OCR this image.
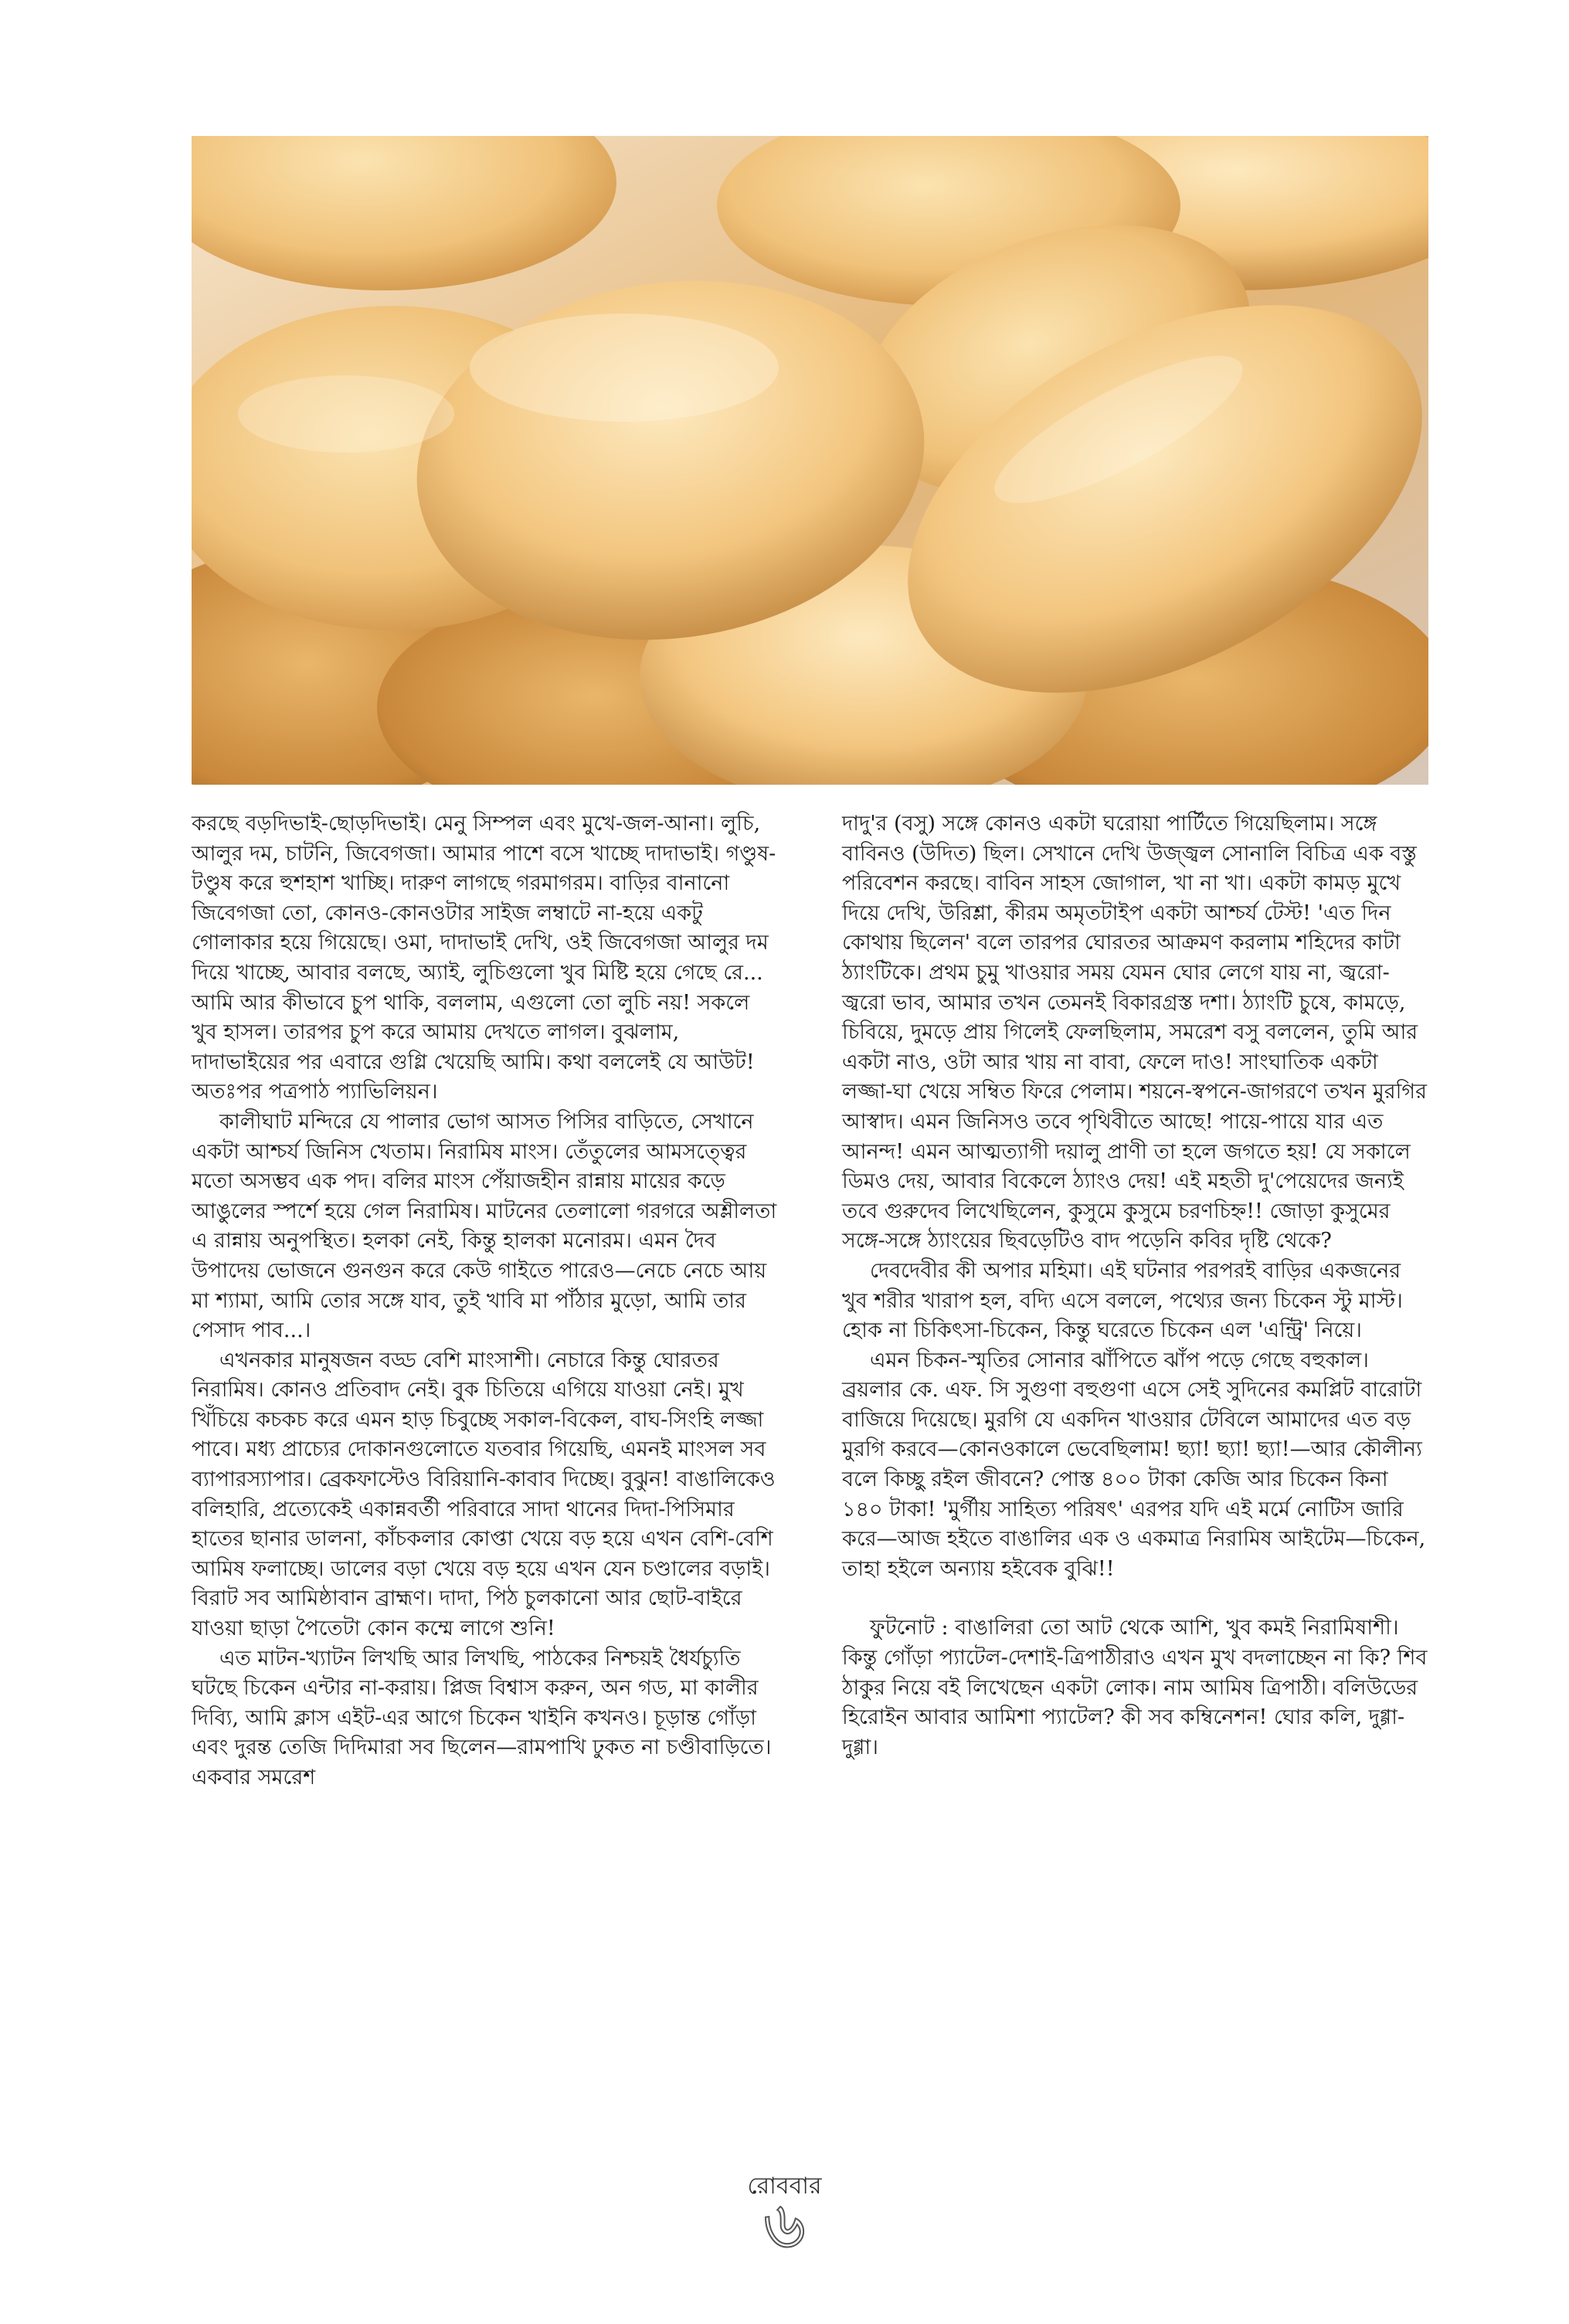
করছে বড়দিভাই-ছোড়দিভাই। মেনু সিম্পল এবং মুখে-জল-আনা। লুচি, আলুর দম, চাটনি, জিবেগজা। আমার পাশে বসে খাচ্ছে দাদাভাই। গণ্ডুষ-টণ্ডুষ করে হুশহাশ খাচ্ছি। দারুণ লাগছে গরমাগরম। বাড়ির বানানো জিবেগজা তো, কোনও-কোনওটার সাইজ লম্বাটে না-হয়ে একটু গোলাকার হয়ে গিয়েছে। ওমা, দাদাভাই দেখি, ওই জিবেগজা আলুর দম দিয়ে খাচ্ছে, আবার বলছে, অ্যাই, লুচিগুলো খুব মিষ্টি হয়ে গেছে রে... আমি আর কীভাবে চুপ থাকি, বললাম, এগুলো তো লুচি নয়! সকলে খুব হাসল। তারপর চুপ করে আমায় দেখতে লাগল। বুঝলাম, দাদাভাইয়ের পর এবারে গুগ্লি খেয়েছি আমি। কথা বললেই যে আউট! অতঃপর পত্রপাঠ প্যাভিলিয়ন।

কালীঘাট মন্দিরে যে পালার ভোগ আসত পিসির বাড়িতে, সেখানে একটা আশ্চর্য জিনিস খেতাম। নিরামিষ মাংস। তেঁতুলের আমসত্ত্বের মতো অসম্ভব এক পদ। বলির মাংস পেঁয়াজহীন রান্নায় মায়ের কড়ে আঙুলের স্পর্শে হয়ে গেল নিরামিষ। মাটনের তেলালো গরগরে অশ্লীলতা এ রান্নায় অনুপস্থিত। হলকা নেই, কিন্তু হালকা মনোরম। এমন দৈব উপাদেয় ভোজনে গুনগুন করে কেউ গাইতে পারেও—নেচে নেচে আয় মা শ্যামা, আমি তোর সঙ্গে যাব, তুই খাবি মা পাঁঠার মুড়ো, আমি তার পেসাদ পাব...।

এখনকার মানুষজন বড্ড বেশি মাংসাশী। নেচারে কিন্তু ঘোরতর নিরামিষ। কোনও প্রতিবাদ নেই। বুক চিতিয়ে এগিয়ে যাওয়া নেই। মুখ খিঁচিয়ে কচকচ করে এমন হাড় চিবুচ্ছে সকাল-বিকেল, বাঘ-সিংহি লজ্জা পাবে। মধ্য প্রাচ্যের দোকানগুলোতে যতবার গিয়েছি, এমনই মাংসল সব ব্যাপারস্যাপার। ব্রেকফাস্টেও বিরিয়ানি-কাবাব দিচ্ছে। বুঝুন! বাঙালিকেও বলিহারি, প্রত্যেকেই একান্নবর্তী পরিবারে সাদা থানের দিদা-পিসিমার হাতের ছানার ডালনা, কাঁচকলার কোপ্তা খেয়ে বড় হয়ে এখন বেশি-বেশি আমিষ ফলাচ্ছে। ডালের বড়া খেয়ে বড় হয়ে এখন যেন চণ্ডালের বড়াই। বিরাট সব আমিষ্ঠাবান ব্রাহ্মণ। দাদা, পিঠ চুলকানো আর ছোট-বাইরে যাওয়া ছাড়া পৈতেটা কোন কম্মে লাগে শুনি!

এত মাটন-খ্যাটন লিখছি আর লিখছি, পাঠকের নিশ্চয়ই ধৈর্যচ্যুতি ঘটছে চিকেন এন্টার না-করায়। প্লিজ বিশ্বাস করুন, অন গড, মা কালীর দিব্যি, আমি ক্লাস এইট-এর আগে চিকেন খাইনি কখনও। চূড়ান্ত গোঁড়া এবং দুরন্ত তেজি দিদিমারা সব ছিলেন—রামপাখি ঢুকত না চণ্ডীবাড়িতে। একবার সমরেশ

দাদু'র (বসু) সঙ্গে কোনও একটা ঘরোয়া পার্টিতে গিয়েছিলাম। সঙ্গে বাবিনও (উদিত) ছিল। সেখানে দেখি উজ্জ্বল সোনালি বিচিত্র এক বস্তু পরিবেশন করছে। বাবিন সাহস জোগাল, খা না খা। একটা কামড় মুখে দিয়ে দেখি, উরিশ্লা, কীরম অমৃতটাইপ একটা আশ্চর্য টেস্ট! 'এত দিন কোথায় ছিলেন' বলে তারপর ঘোরতর আক্রমণ করলাম শহিদের কাটা ঠ্যাংটিকে। প্রথম চুমু খাওয়ার সময় যেমন ঘোর লেগে যায় না, জ্বরো-জ্বরো ভাব, আমার তখন তেমনই বিকারগ্রস্ত দশা। ঠ্যাংটি চুষে, কামড়ে, চিবিয়ে, দুমড়ে প্রায় গিলেই ফেলছিলাম, সমরেশ বসু বললেন, তুমি আর একটা নাও, ওটা আর খায় না বাবা, ফেলে দাও! সাংঘাতিক একটা লজ্জা-ঘা খেয়ে সম্বিত ফিরে পেলাম। শয়নে-স্বপনে-জাগরণে তখন মুরগির আস্বাদ। এমন জিনিসও তবে পৃথিবীতে আছে! পায়ে-পায়ে যার এত আনন্দ! এমন আত্মত্যাগী দয়ালু প্রাণী তা হলে জগতে হয়! যে সকালে ডিমও দেয়, আবার বিকেলে ঠ্যাংও দেয়! এই মহতী দু'পেয়েদের জন্যই তবে গুরুদেব লিখেছিলেন, কুসুমে কুসুমে চরণচিহ্ন!! জোড়া কুসুমের সঙ্গে-সঙ্গে ঠ্যাংয়ের ছিবড়েটিও বাদ পড়েনি কবির দৃষ্টি থেকে?

দেবদেবীর কী অপার মহিমা। এই ঘটনার পরপরই বাড়ির একজনের খুব শরীর খারাপ হল, বদ্যি এসে বললে, পথ্যের জন্য চিকেন স্টু মাস্ট। হোক না চিকিৎসা-চিকেন, কিন্তু ঘরেতে চিকেন এল 'এন্ট্রি' নিয়ে।

এমন চিকন-স্মৃতির সোনার ঝাঁপিতে ঝাঁপ পড়ে গেছে বহুকাল। ব্রয়লার কে. এফ. সি সুগুণা বহুগুণা এসে সেই সুদিনের কমপ্লিট বারোটা বাজিয়ে দিয়েছে। মুরগি যে একদিন খাওয়ার টেবিলে আমাদের এত বড় মুরগি করবে—কোনওকালে ভেবেছিলাম! ছ্যা! ছ্যা! ছ্যা!—আর কৌলীন্য বলে কিচ্ছু রইল জীবনে? পোস্ত ৪০০ টাকা কেজি আর চিকেন কিনা ১৪০ টাকা! 'মুর্গীয় সাহিত্য পরিষৎ' এরপর যদি এই মর্মে নোটিস জারি করে—আজ হইতে বাঙালির এক ও একমাত্র নিরামিষ আইটেম—চিকেন, তাহা হইলে অন্যায় হইবেক বুঝি!!

ফুটনোট : বাঙালিরা তো আট থেকে আশি, খুব কমই নিরামিষাশী। কিন্তু গোঁড়া প্যাটেল-দেশাই-ত্রিপাঠীরাও এখন মুখ বদলাচ্ছেন না কি? শিব ঠাকুর নিয়ে বই লিখেছেন একটা লোক। নাম আমিষ ত্রিপাঠী। বলিউডের হিরোইন আবার আমিশা প্যাটেল? কী সব কম্বিনেশন! ঘোর কলি, দুগ্গা-দুগ্গা।

রোববার
৬
